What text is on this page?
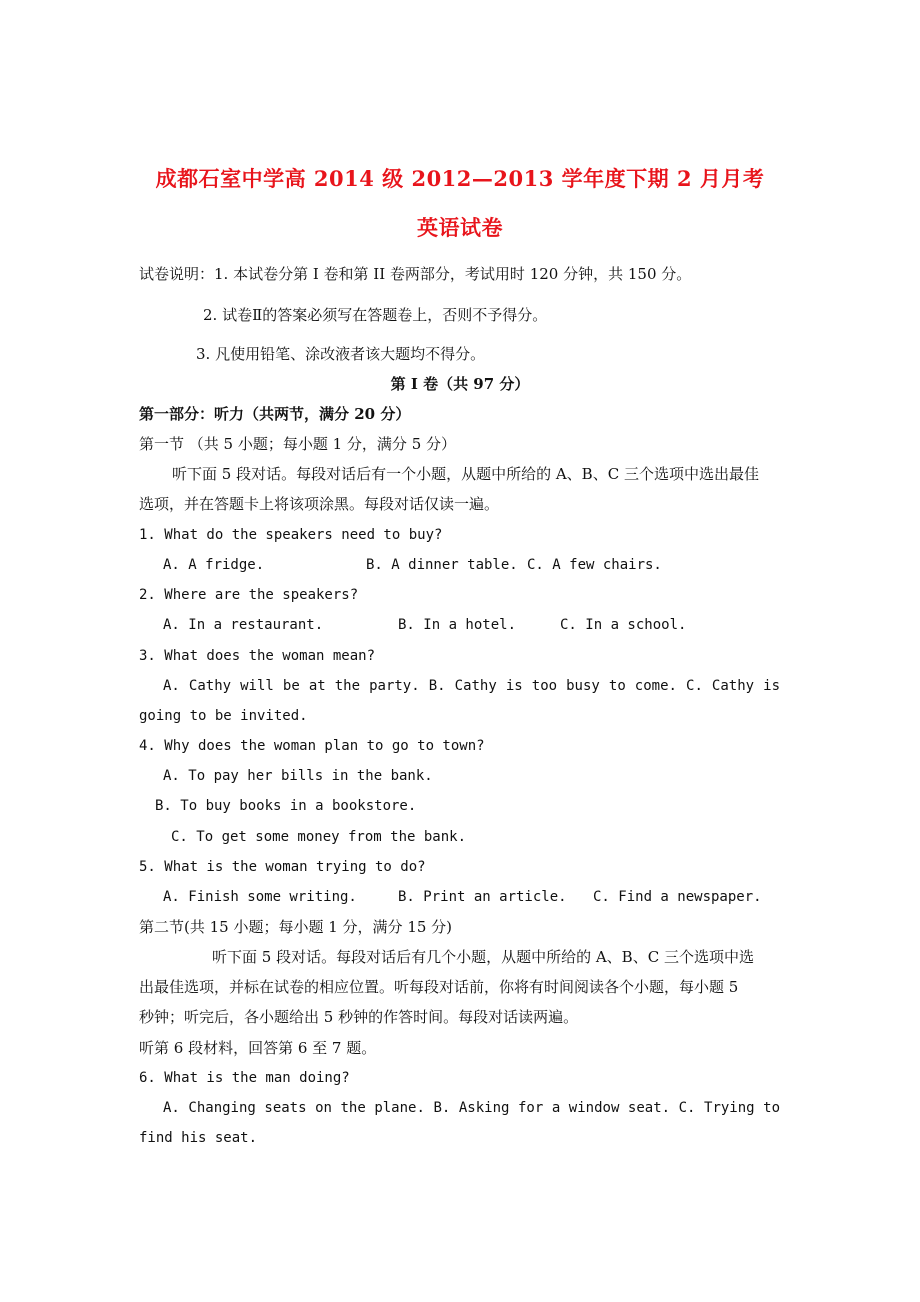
成都石室中学高 2014 级 2012—2013 学年度下期 2 月月考
英语试卷
试卷说明：1. 本试卷分第 I 卷和第 II 卷两部分，考试用时 120 分钟，共 150 分。
2. 试卷Ⅱ的答案必须写在答题卷上，否则不予得分。
3. 凡使用铅笔、涂改液者该大题均不得分。
第 I 卷（共 97 分）
第一部分：听力（共两节，满分 20 分）
第一节 （共 5 小题；每小题 1 分，满分 5 分）
听下面 5 段对话。每段对话后有一个小题，从题中所给的 A、B、C 三个选项中选出最佳
选项，并在答题卡上将该项涂黑。每段对话仅读一遍。
1. What do the speakers need to buy?
A. A fridge.	B. A dinner table. C. A few chairs.
2. Where are the speakers?
A. In a restaurant.	B. In a hotel.	C. In a school.
3. What does the woman mean?
A. Cathy will be at the party. B. Cathy is too busy to come. C. Cathy is
going to be invited.
4. Why does the woman plan to go to town?
A. To pay her bills in the bank.
B. To buy books in a bookstore.
C. To get some money from the bank.
5. What is the woman trying to do?
A. Finish some writing.	B. Print an article. C. Find a newspaper.
第二节(共 15 小题；每小题 1 分，满分 15 分)
听下面 5 段对话。每段对话后有几个小题，从题中所给的 A、B、C 三个选项中选
出最佳选项，并标在试卷的相应位置。听每段对话前，你将有时间阅读各个小题，每小题 5
秒钟；听完后，各小题给出 5 秒钟的作答时间。每段对话读两遍。
听第 6 段材料，回答第 6 至 7 题。
6. What is the man doing?
A. Changing seats on the plane. B. Asking for a window seat. C. Trying to
find his seat.
